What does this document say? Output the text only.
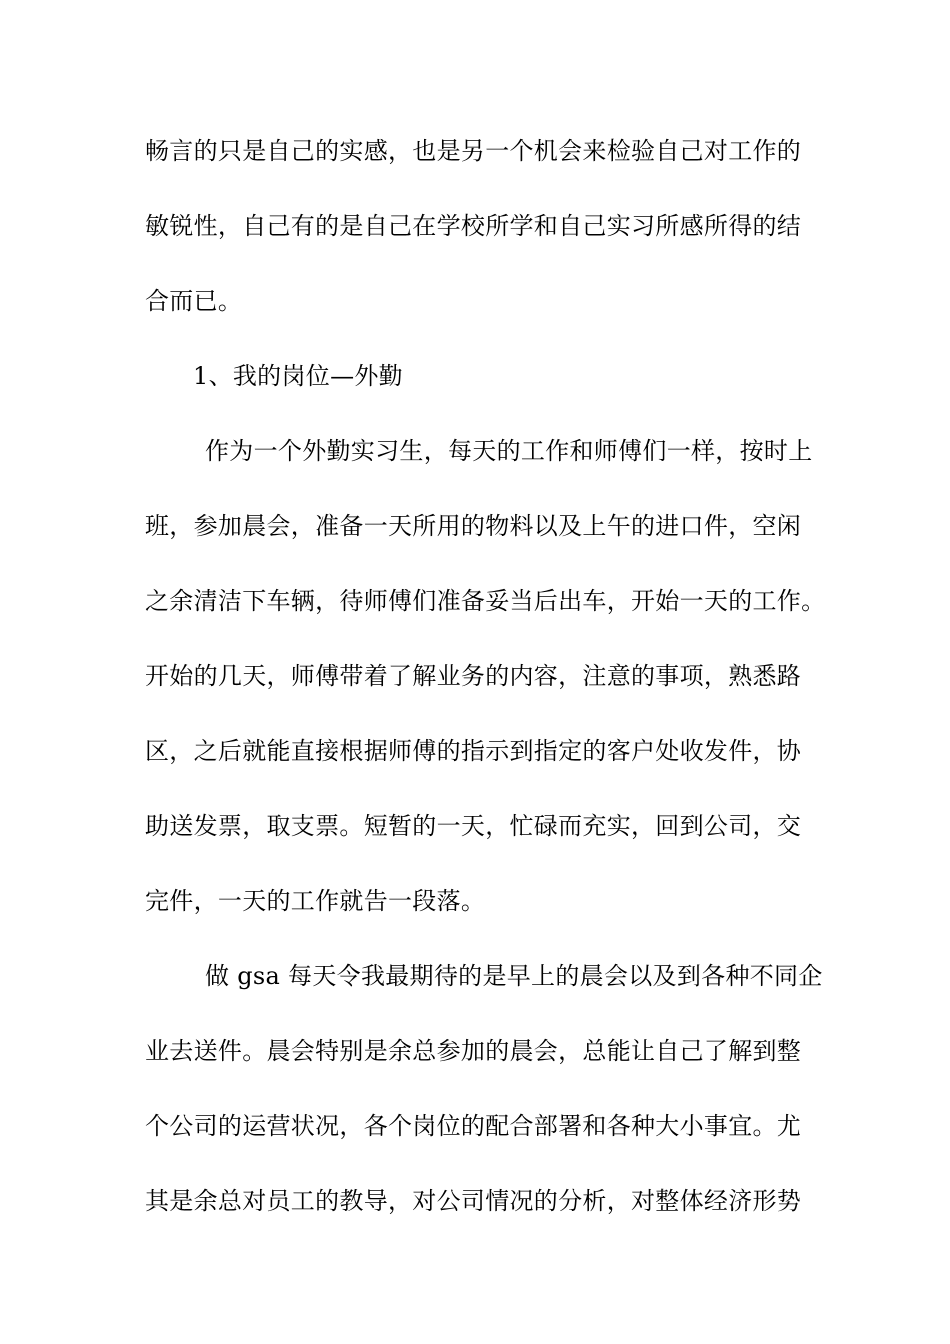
畅言的只是自己的实感，也是另一个机会来检验自己对工作的

敏锐性，自己有的是自己在学校所学和自己实习所感所得的结

合而已。

1、我的岗位—外勤

作为一个外勤实习生，每天的工作和师傅们一样，按时上

班，参加晨会，准备一天所用的物料以及上午的进口件，空闲

之余清洁下车辆，待师傅们准备妥当后出车，开始一天的工作。

开始的几天，师傅带着了解业务的内容，注意的事项，熟悉路

区，之后就能直接根据师傅的指示到指定的客户处收发件，协

助送发票，取支票。短暂的一天，忙碌而充实，回到公司，交

完件，一天的工作就告一段落。

做 gsa 每天令我最期待的是早上的晨会以及到各种不同企

业去送件。晨会特别是余总参加的晨会，总能让自己了解到整

个公司的运营状况，各个岗位的配合部署和各种大小事宜。尤

其是余总对员工的教导，对公司情况的分析，对整体经济形势
